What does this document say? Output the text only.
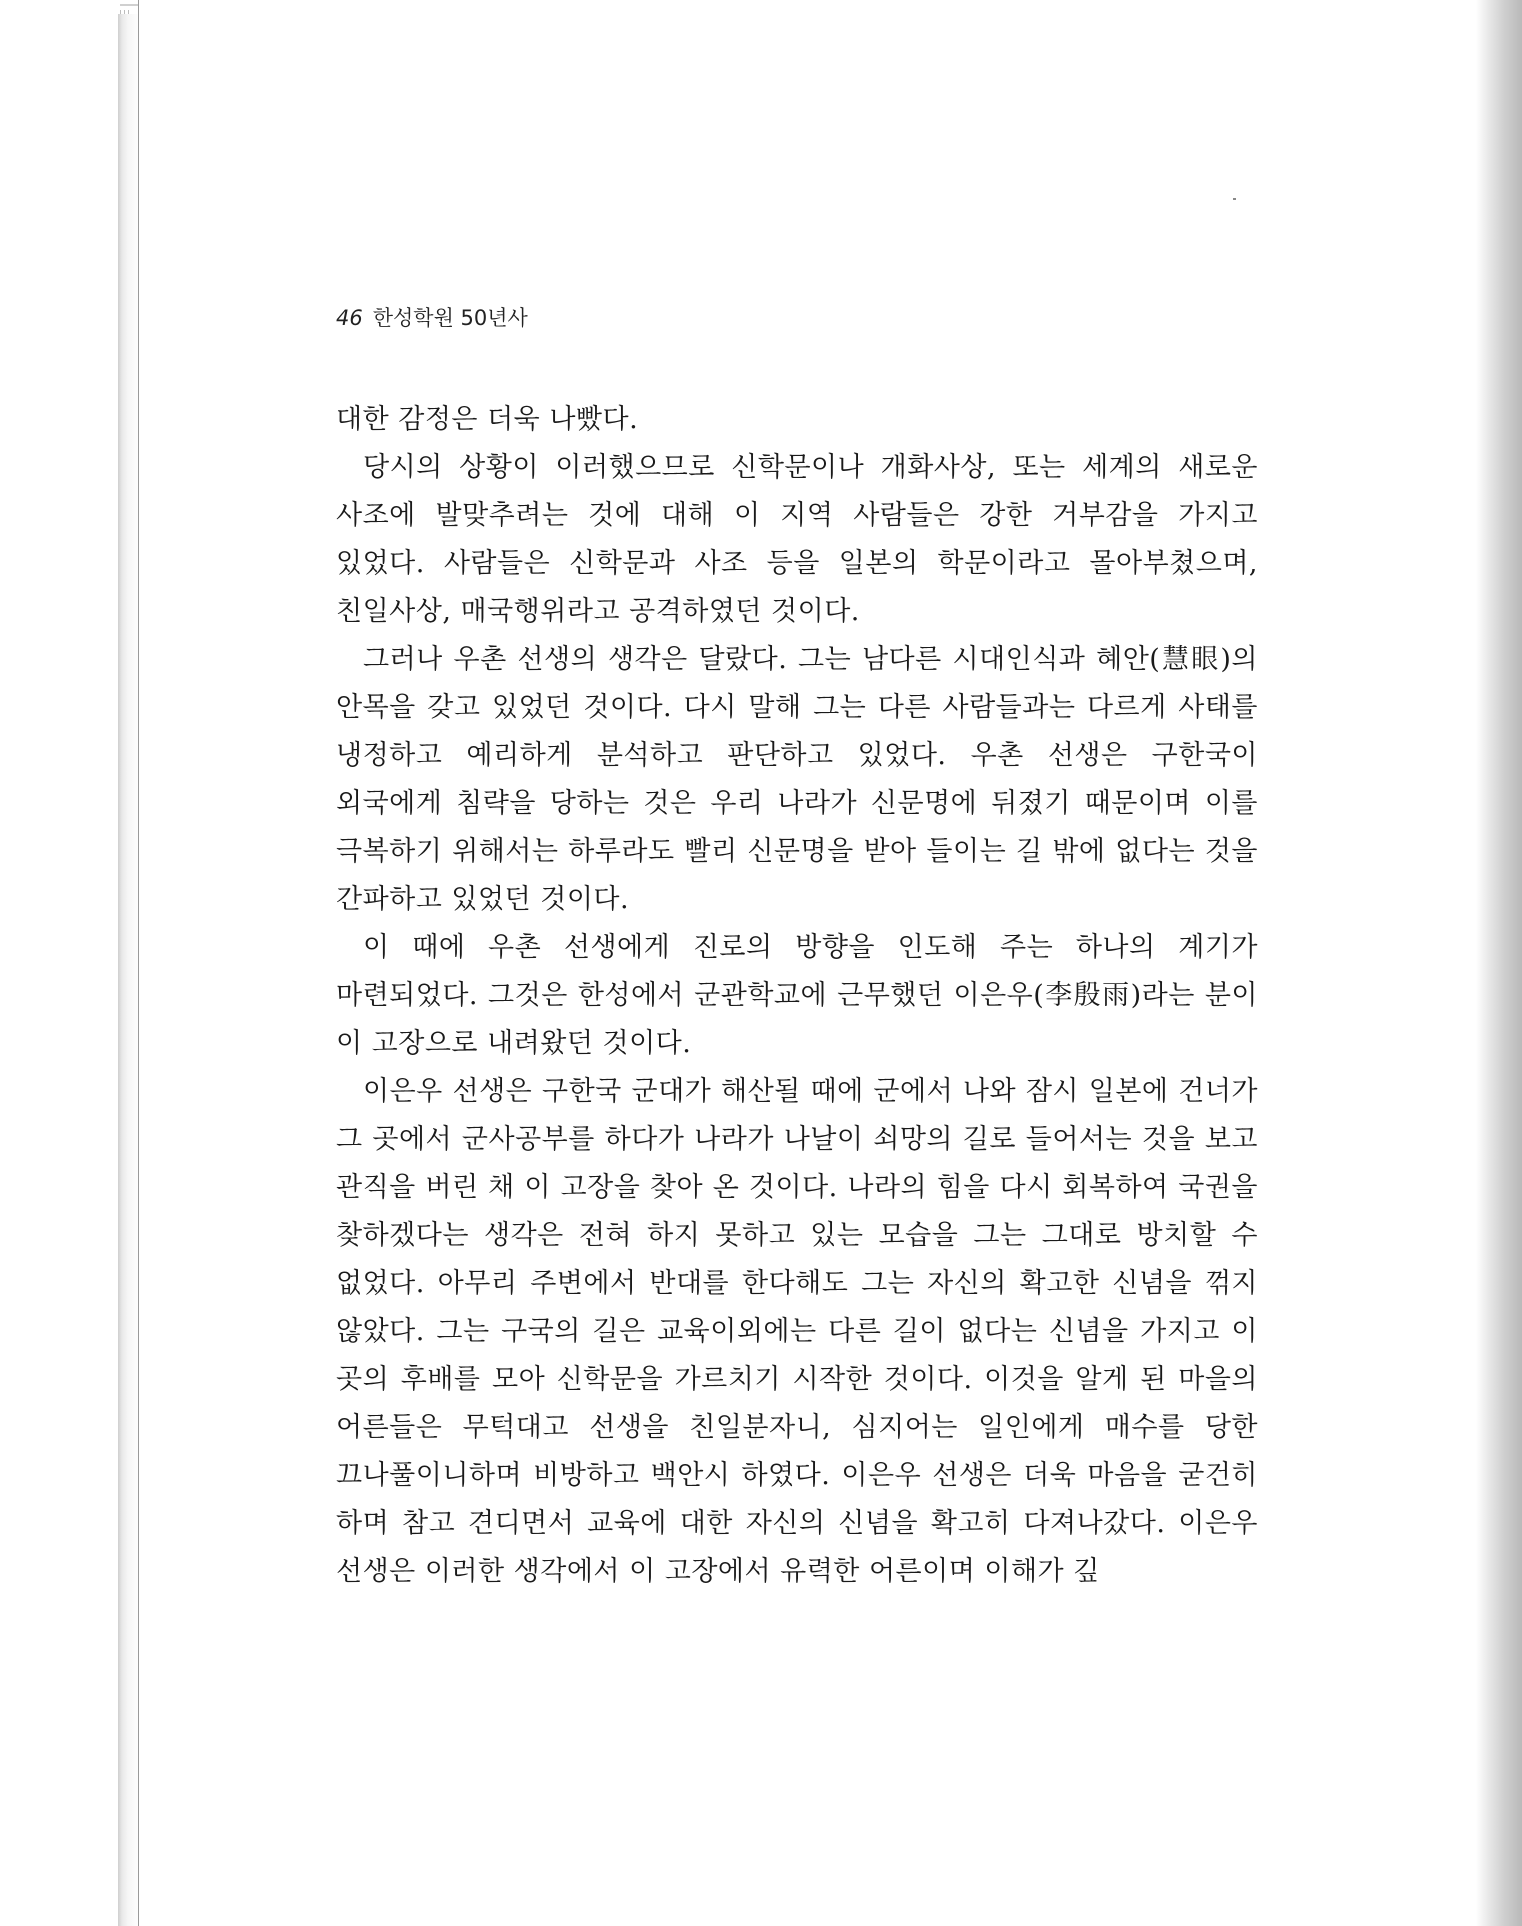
46 한성학원 50년사

대한 감정은 더욱 나빴다.

당시의 상황이 이러했으므로 신학문이나 개화사상, 또는 세계의 새로운 사조에 발맞추려는 것에 대해 이 지역 사람들은 강한 거부감을 가지고 있었다. 사람들은 신학문과 사조 등을 일본의 학문이라고 몰아부쳤으며, 친일사상, 매국행위라고 공격하였던 것이다.

그러나 우촌 선생의 생각은 달랐다. 그는 남다른 시대인식과 혜안(慧眼)의 안목을 갖고 있었던 것이다. 다시 말해 그는 다른 사람들과는 다르게 사태를 냉정하고 예리하게 분석하고 판단하고 있었다. 우촌 선생은 구한국이 외국에게 침략을 당하는 것은 우리 나라가 신문명에 뒤졌기 때문이며 이를 극복하기 위해서는 하루라도 빨리 신문명을 받아 들이는 길 밖에 없다는 것을 간파하고 있었던 것이다.

이 때에 우촌 선생에게 진로의 방향을 인도해 주는 하나의 계기가 마련되었다. 그것은 한성에서 군관학교에 근무했던 이은우(李殷雨)라는 분이 이 고장으로 내려왔던 것이다.

이은우 선생은 구한국 군대가 해산될 때에 군에서 나와 잠시 일본에 건너가 그 곳에서 군사공부를 하다가 나라가 나날이 쇠망의 길로 들어서는 것을 보고 관직을 버린 채 이 고장을 찾아 온 것이다. 나라의 힘을 다시 회복하여 국권을 찾하겠다는 생각은 전혀 하지 못하고 있는 모습을 그는 그대로 방치할 수 없었다. 아무리 주변에서 반대를 한다해도 그는 자신의 확고한 신념을 꺾지 않았다. 그는 구국의 길은 교육이외에는 다른 길이 없다는 신념을 가지고 이 곳의 후배를 모아 신학문을 가르치기 시작한 것이다. 이것을 알게 된 마을의 어른들은 무턱대고 선생을 친일분자니, 심지어는 일인에게 매수를 당한 끄나풀이니하며 비방하고 백안시 하였다. 이은우 선생은 더욱 마음을 굳건히 하며 참고 견디면서 교육에 대한 자신의 신념을 확고히 다져나갔다. 이은우 선생은 이러한 생각에서 이 고장에서 유력한 어른이며 이해가 깊
